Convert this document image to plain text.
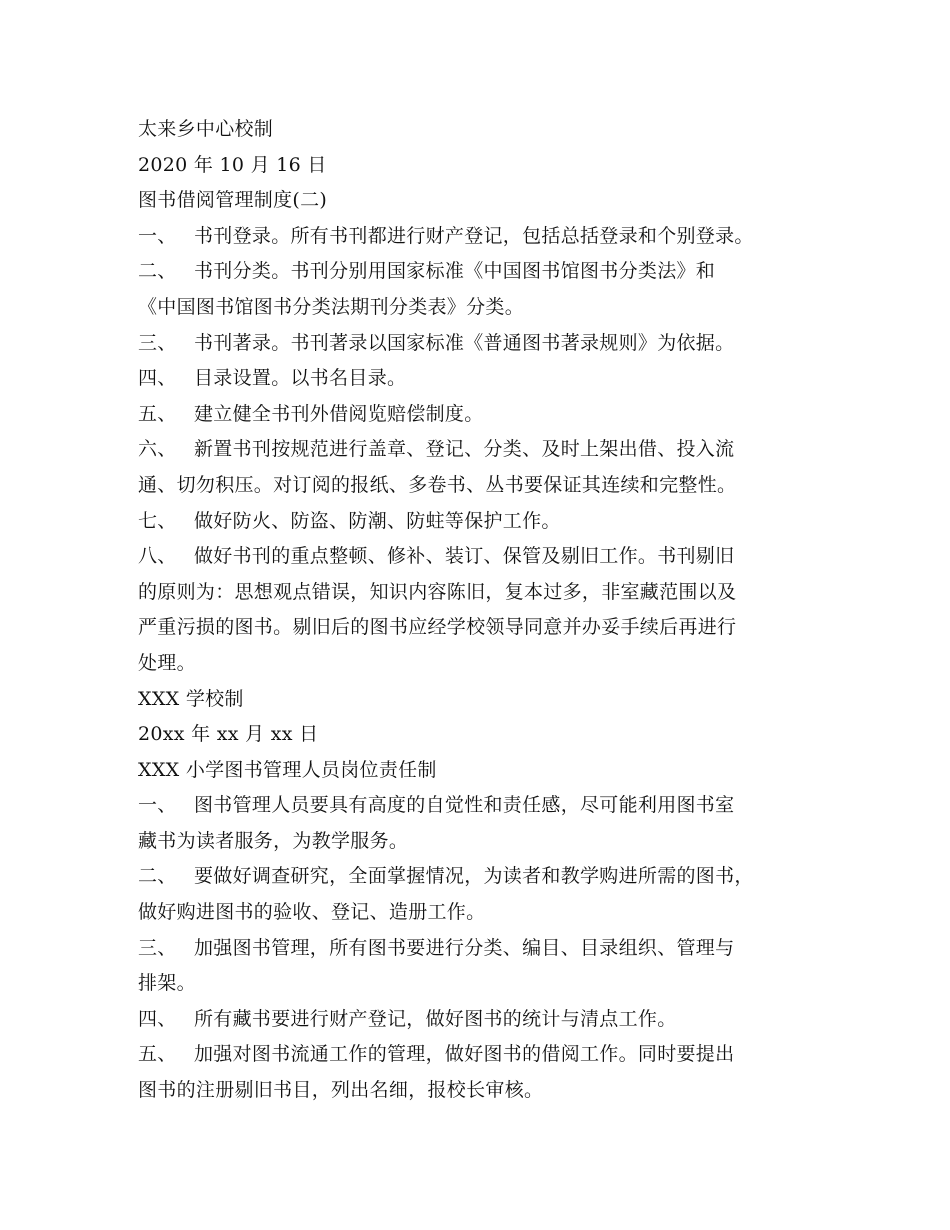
太来乡中心校制
2020 年 10 月 16 日
图书借阅管理制度(二)
一、 书刊登录。所有书刊都进行财产登记，包括总括登录和个别登录。
二、 书刊分类。书刊分别用国家标准《中国图书馆图书分类法》和
《中国图书馆图书分类法期刊分类表》分类。
三、 书刊著录。书刊著录以国家标准《普通图书著录规则》为依据。
四、 目录设置。以书名目录。
五、 建立健全书刊外借阅览赔偿制度。
六、 新置书刊按规范进行盖章、登记、分类、及时上架出借、投入流
通、切勿积压。对订阅的报纸、多卷书、丛书要保证其连续和完整性。
七、 做好防火、防盗、防潮、防蛀等保护工作。
八、 做好书刊的重点整顿、修补、装订、保管及剔旧工作。书刊剔旧
的原则为：思想观点错误，知识内容陈旧，复本过多，非室藏范围以及
严重污损的图书。剔旧后的图书应经学校领导同意并办妥手续后再进行
处理。
XXX 学校制
20xx 年 xx 月 xx 日
XXX 小学图书管理人员岗位责任制
一、 图书管理人员要具有高度的自觉性和责任感，尽可能利用图书室
藏书为读者服务，为教学服务。
二、 要做好调查研究，全面掌握情况，为读者和教学购进所需的图书，
做好购进图书的验收、登记、造册工作。
三、 加强图书管理，所有图书要进行分类、编目、目录组织、管理与
排架。
四、 所有藏书要进行财产登记，做好图书的统计与清点工作。
五、 加强对图书流通工作的管理，做好图书的借阅工作。同时要提出
图书的注册剔旧书目，列出名细，报校长审核。
